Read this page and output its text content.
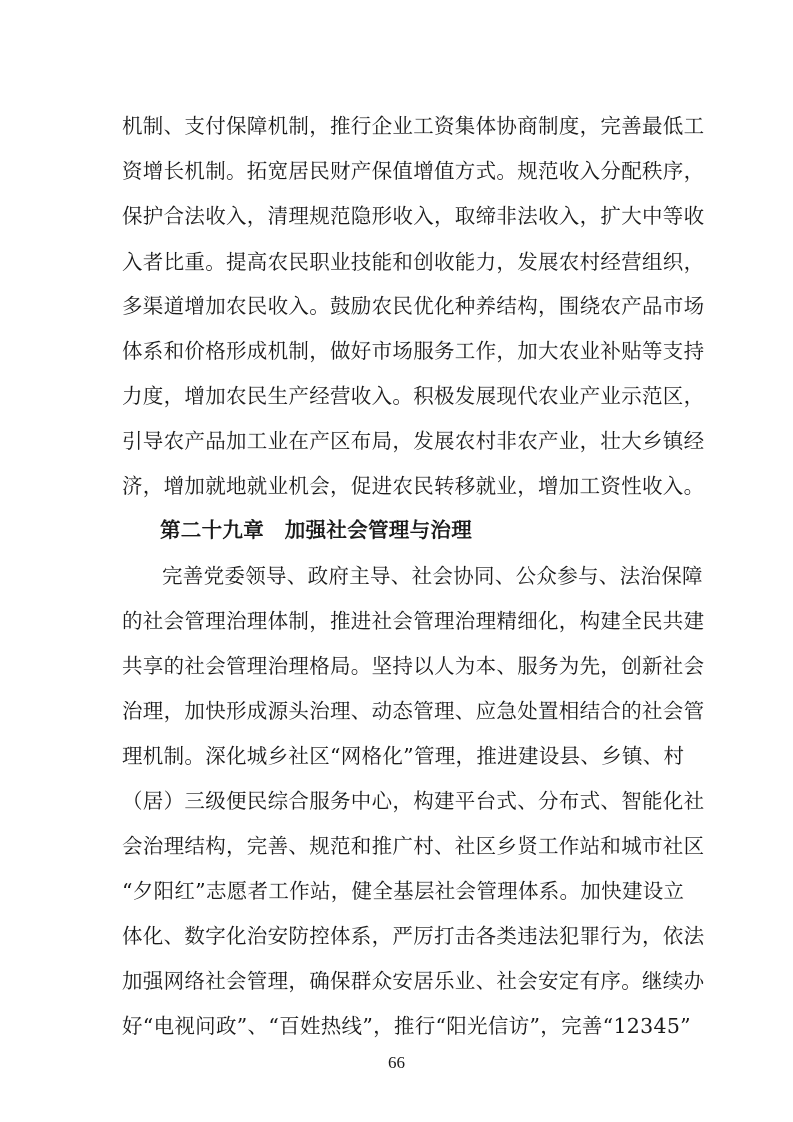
机制、支付保障机制，推行企业工资集体协商制度，完善最低工
资增长机制。拓宽居民财产保值增值方式。规范收入分配秩序，
保护合法收入，清理规范隐形收入，取缔非法收入，扩大中等收
入者比重。提高农民职业技能和创收能力，发展农村经营组织，
多渠道增加农民收入。鼓励农民优化种养结构，围绕农产品市场
体系和价格形成机制，做好市场服务工作，加大农业补贴等支持
力度，增加农民生产经营收入。积极发展现代农业产业示范区，
引导农产品加工业在产区布局，发展农村非农产业，壮大乡镇经
济，增加就地就业机会，促进农民转移就业，增加工资性收入。
第二十九章　加强社会管理与治理
完善党委领导、政府主导、社会协同、公众参与、法治保障
的社会管理治理体制，推进社会管理治理精细化，构建全民共建
共享的社会管理治理格局。坚持以人为本、服务为先，创新社会
治理，加快形成源头治理、动态管理、应急处置相结合的社会管
理机制。深化城乡社区“网格化”管理，推进建设县、乡镇、村
（居）三级便民综合服务中心，构建平台式、分布式、智能化社
会治理结构，完善、规范和推广村、社区乡贤工作站和城市社区
“夕阳红”志愿者工作站，健全基层社会管理体系。加快建设立
体化、数字化治安防控体系，严厉打击各类违法犯罪行为，依法
加强网络社会管理，确保群众安居乐业、社会安定有序。继续办
好“电视问政”、“百姓热线”，推行“阳光信访”，完善“12345”
66
